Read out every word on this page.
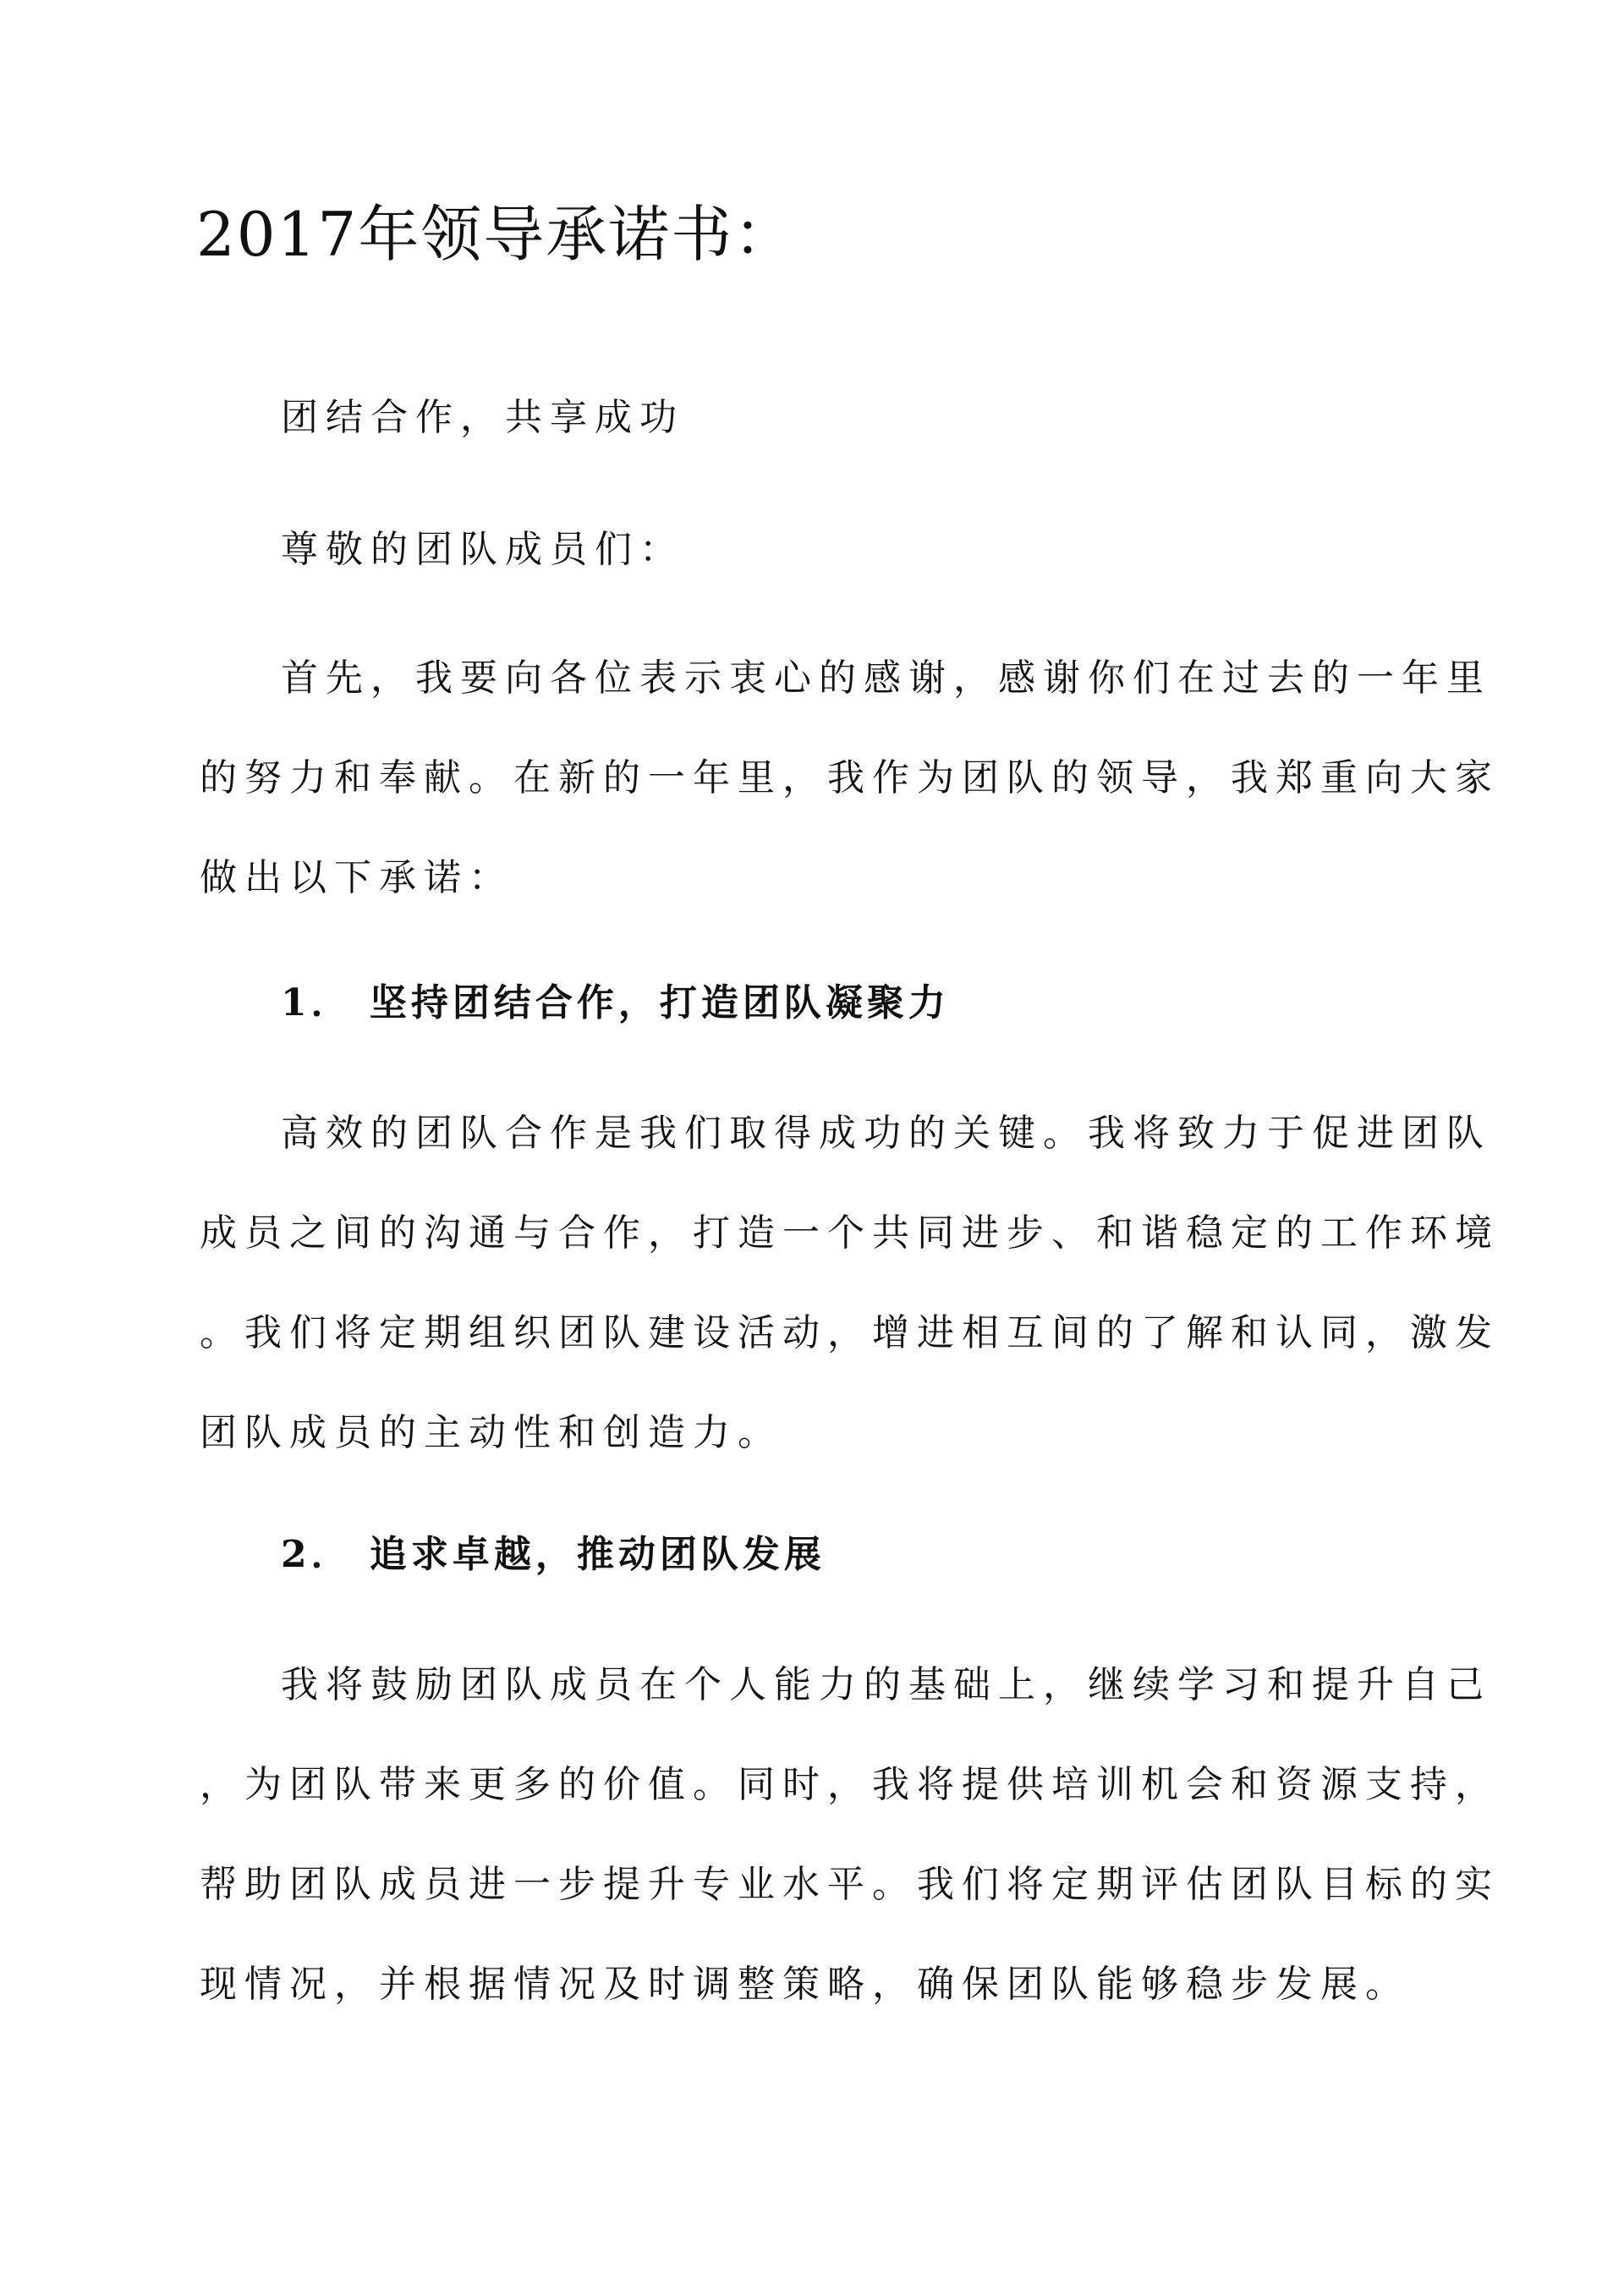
2017年领导承诺书：

团结合作，共享成功

尊敬的团队成员们：

首先，我要向各位表示衷心的感谢，感谢你们在过去的一年里

的努力和奉献。在新的一年里，我作为团队的领导，我郑重向大家

做出以下承诺：

1． 坚持团结合作，打造团队凝聚力

高效的团队合作是我们取得成功的关键。我将致力于促进团队

成员之间的沟通与合作，打造一个共同进步、和谐稳定的工作环境

。我们将定期组织团队建设活动，增进相互间的了解和认同，激发

团队成员的主动性和创造力。

2． 追求卓越，推动团队发展

我将鼓励团队成员在个人能力的基础上，继续学习和提升自己

，为团队带来更多的价值。同时，我将提供培训机会和资源支持，

帮助团队成员进一步提升专业水平。我们将定期评估团队目标的实

现情况，并根据情况及时调整策略，确保团队能够稳步发展。
